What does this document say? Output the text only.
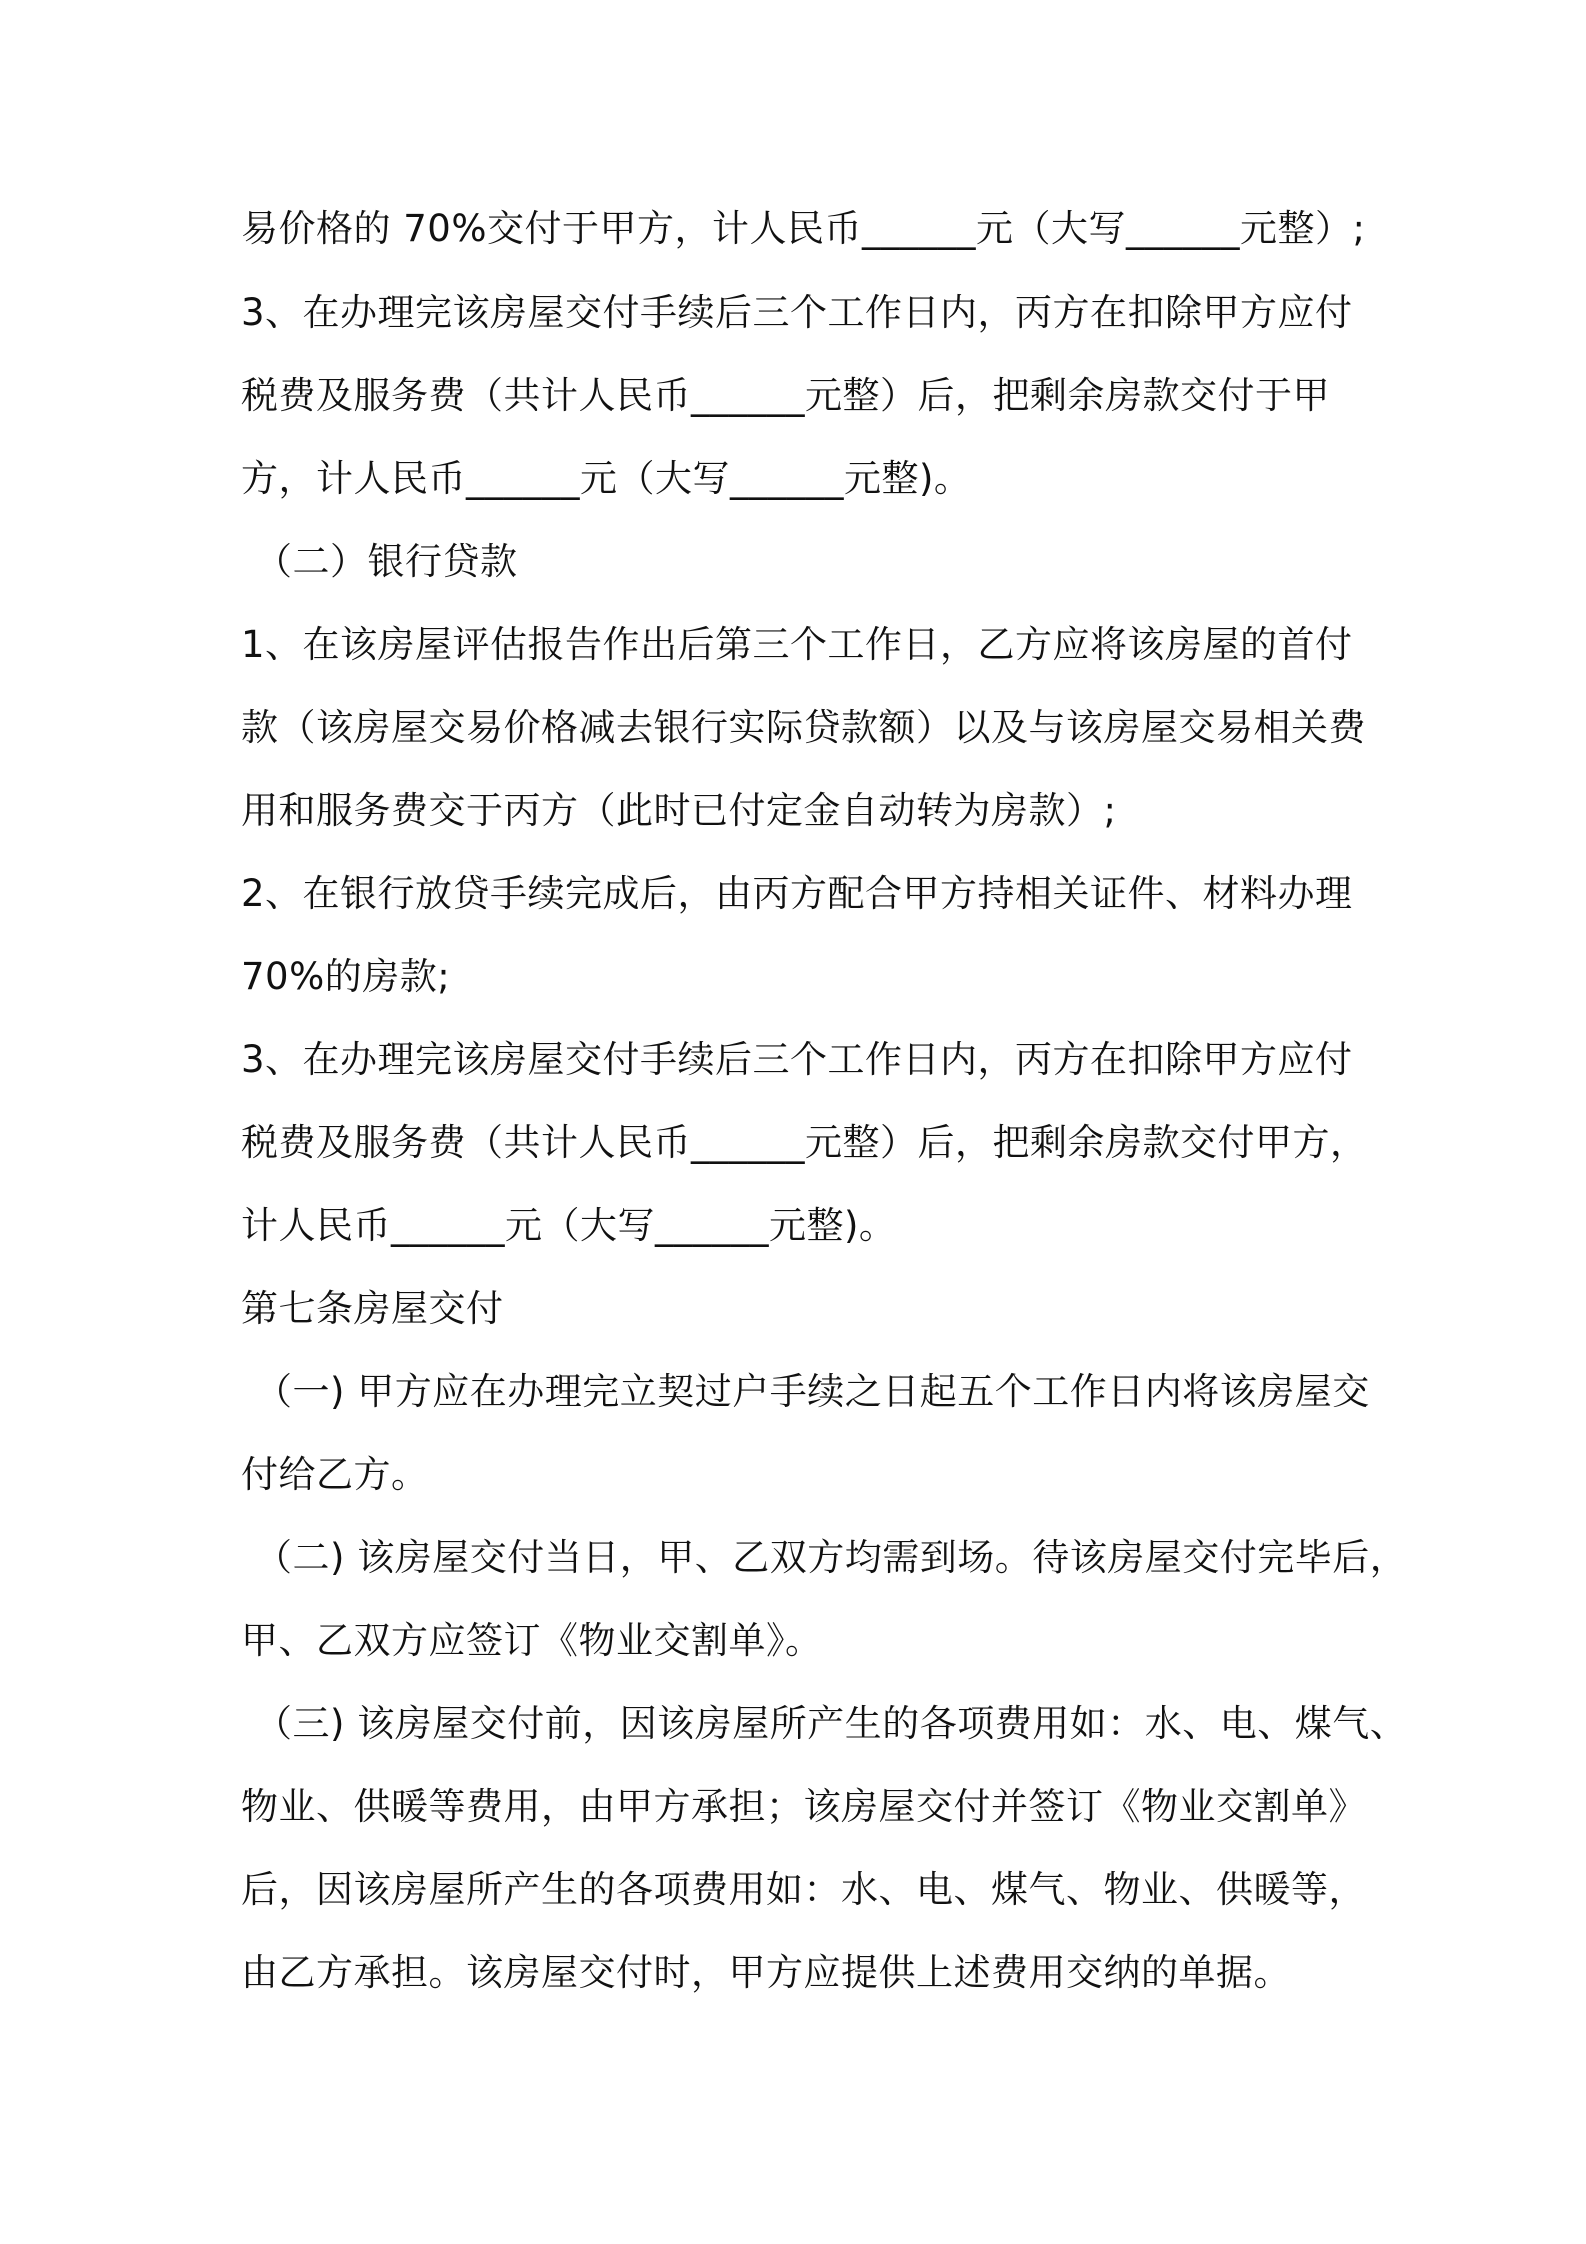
易价格的 70%交付于甲方，计人民币______元（大写______元整）;
3、在办理完该房屋交付手续后三个工作日内，丙方在扣除甲方应付
税费及服务费（共计人民币______元整）后，把剩余房款交付于甲
方，计人民币______元（大写______元整)。
（二）银行贷款
1、在该房屋评估报告作出后第三个工作日，乙方应将该房屋的首付
款（该房屋交易价格减去银行实际贷款额）以及与该房屋交易相关费
用和服务费交于丙方（此时已付定金自动转为房款）;
2、在银行放贷手续完成后，由丙方配合甲方持相关证件、材料办理
70%的房款;
3、在办理完该房屋交付手续后三个工作日内，丙方在扣除甲方应付
税费及服务费（共计人民币______元整）后，把剩余房款交付甲方，
计人民币______元（大写______元整)。
第七条房屋交付
（一) 甲方应在办理完立契过户手续之日起五个工作日内将该房屋交
付给乙方。
（二) 该房屋交付当日，甲、乙双方均需到场。待该房屋交付完毕后，
甲、乙双方应签订《物业交割单》。
（三) 该房屋交付前，因该房屋所产生的各项费用如：水、电、煤气、
物业、供暖等费用，由甲方承担；该房屋交付并签订《物业交割单》
后，因该房屋所产生的各项费用如：水、电、煤气、物业、供暖等，
由乙方承担。该房屋交付时，甲方应提供上述费用交纳的单据。
